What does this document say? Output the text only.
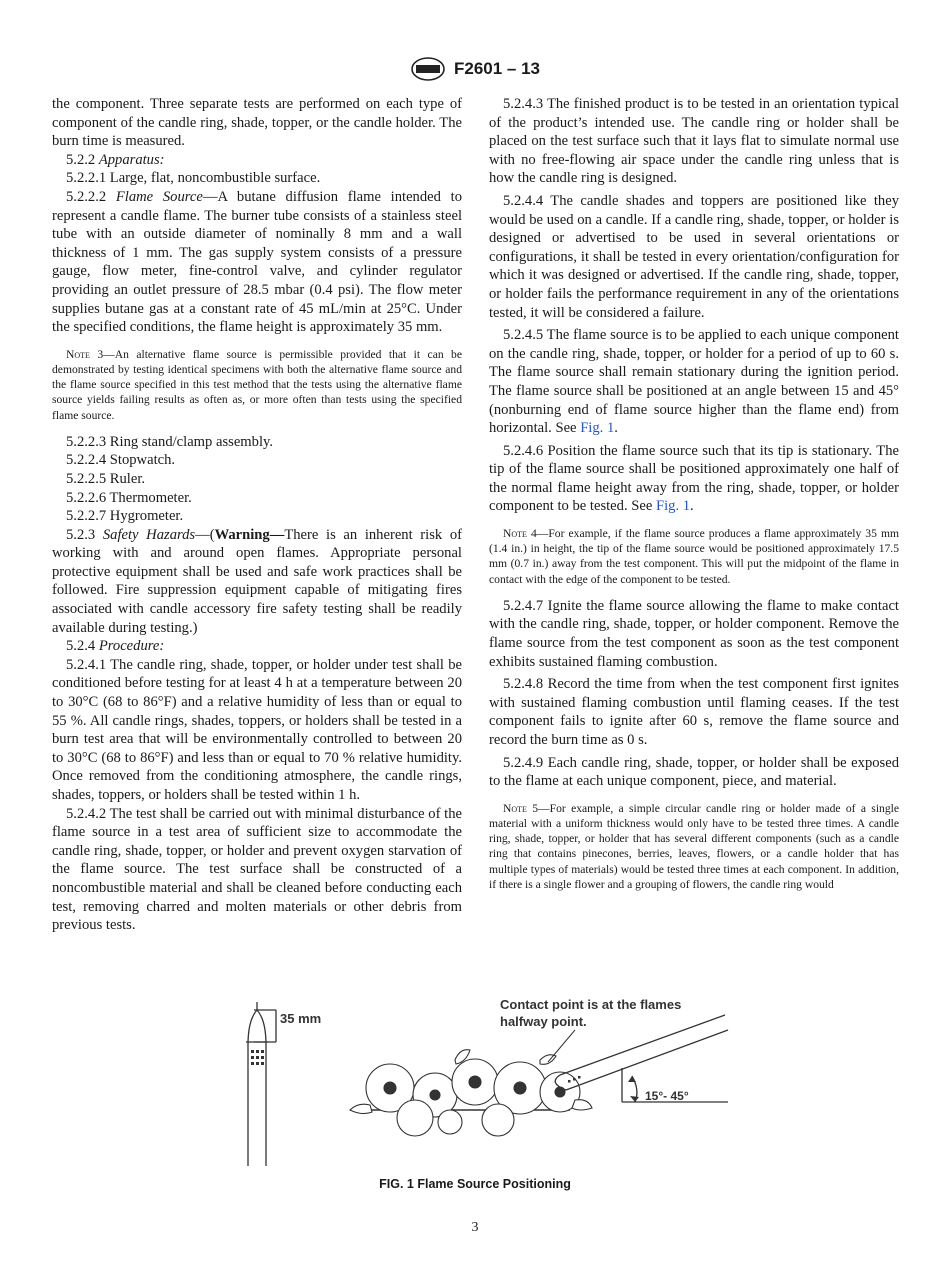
F2601 – 13

the component. Three separate tests are performed on each type of component of the candle ring, shade, topper, or the candle holder. The burn time is measured.

5.2.2 Apparatus:

5.2.2.1 Large, flat, noncombustible surface.

5.2.2.2 Flame Source—A butane diffusion flame intended to represent a candle flame. The burner tube consists of a stainless steel tube with an outside diameter of nominally 8 mm and a wall thickness of 1 mm. The gas supply system consists of a pressure gauge, flow meter, fine-control valve, and cylinder regulator providing an outlet pressure of 28.5 mbar (0.4 psi). The flow meter supplies butane gas at a constant rate of 45 mL/min at 25°C. Under the specified conditions, the flame height is approximately 35 mm.

Note 3—An alternative flame source is permissible provided that it can be demonstrated by testing identical specimens with both the alternative flame source and the flame source specified in this test method that the tests using the alternative flame source yields failing results as often as, or more often than tests using the specified flame source.

5.2.2.3 Ring stand/clamp assembly.

5.2.2.4 Stopwatch.

5.2.2.5 Ruler.

5.2.2.6 Thermometer.

5.2.2.7 Hygrometer.

5.2.3 Safety Hazards—(Warning—There is an inherent risk of working with and around open flames. Appropriate personal protective equipment shall be used and safe work practices shall be followed. Fire suppression equipment capable of mitigating fires associated with candle accessory fire safety testing shall be readily available during testing.)

5.2.4 Procedure:

5.2.4.1 The candle ring, shade, topper, or holder under test shall be conditioned before testing for at least 4 h at a temperature between 20 to 30°C (68 to 86°F) and a relative humidity of less than or equal to 55 %. All candle rings, shades, toppers, or holders shall be tested in a burn test area that will be environmentally controlled to between 20 to 30°C (68 to 86°F) and less than or equal to 70 % relative humidity. Once removed from the conditioning atmosphere, the candle rings, shades, toppers, or holders shall be tested within 1 h.

5.2.4.2 The test shall be carried out with minimal disturbance of the flame source in a test area of sufficient size to accommodate the candle ring, shade, topper, or holder and prevent oxygen starvation of the flame source. The test surface shall be constructed of a noncombustible material and shall be cleaned before conducting each test, removing charred and molten materials or other debris from previous tests.

5.2.4.3 The finished product is to be tested in an orientation typical of the product’s intended use. The candle ring or holder shall be placed on the test surface such that it lays flat to simulate normal use with no free-flowing air space under the candle ring unless that is how the candle ring is designed.

5.2.4.4 The candle shades and toppers are positioned like they would be used on a candle. If a candle ring, shade, topper, or holder is designed or advertised to be used in several orientations or configurations, it shall be tested in every orientation/configuration for which it was designed or advertised. If the candle ring, shade, topper, or holder fails the performance requirement in any of the orientations tested, it will be considered a failure.

5.2.4.5 The flame source is to be applied to each unique component on the candle ring, shade, topper, or holder for a period of up to 60 s. The flame source shall remain stationary during the ignition period. The flame source shall be positioned at an angle between 15 and 45° (nonburning end of flame source higher than the flame end) from horizontal. See Fig. 1.

5.2.4.6 Position the flame source such that its tip is stationary. The tip of the flame source shall be positioned approximately one half of the normal flame height away from the ring, shade, topper, or holder component to be tested. See Fig. 1.

Note 4—For example, if the flame source produces a flame approximately 35 mm (1.4 in.) in height, the tip of the flame source would be positioned approximately 17.5 mm (0.7 in.) away from the test component. This will put the midpoint of the flame in contact with the edge of the component to be tested.

5.2.4.7 Ignite the flame source allowing the flame to make contact with the candle ring, shade, topper, or holder component. Remove the flame source from the test component as soon as the test component exhibits sustained flaming combustion.

5.2.4.8 Record the time from when the test component first ignites with sustained flaming combustion until flaming ceases. If the test component fails to ignite after 60 s, remove the flame source and record the burn time as 0 s.

5.2.4.9 Each candle ring, shade, topper, or holder shall be exposed to the flame at each unique component, piece, and material.

Note 5—For example, a simple circular candle ring or holder made of a single material with a uniform thickness would only have to be tested three times. A candle ring, shade, topper, or holder that has several different components (such as a candle ring that contains pinecones, berries, leaves, flowers, or a candle holder that has multiple types of materials) would be tested three times at each component. In addition, if there is a single flower and a grouping of flowers, the candle ring would

35 mm
Contact point is at the flames
halfway point.
15°- 45°
FIG. 1 Flame Source Positioning
3
